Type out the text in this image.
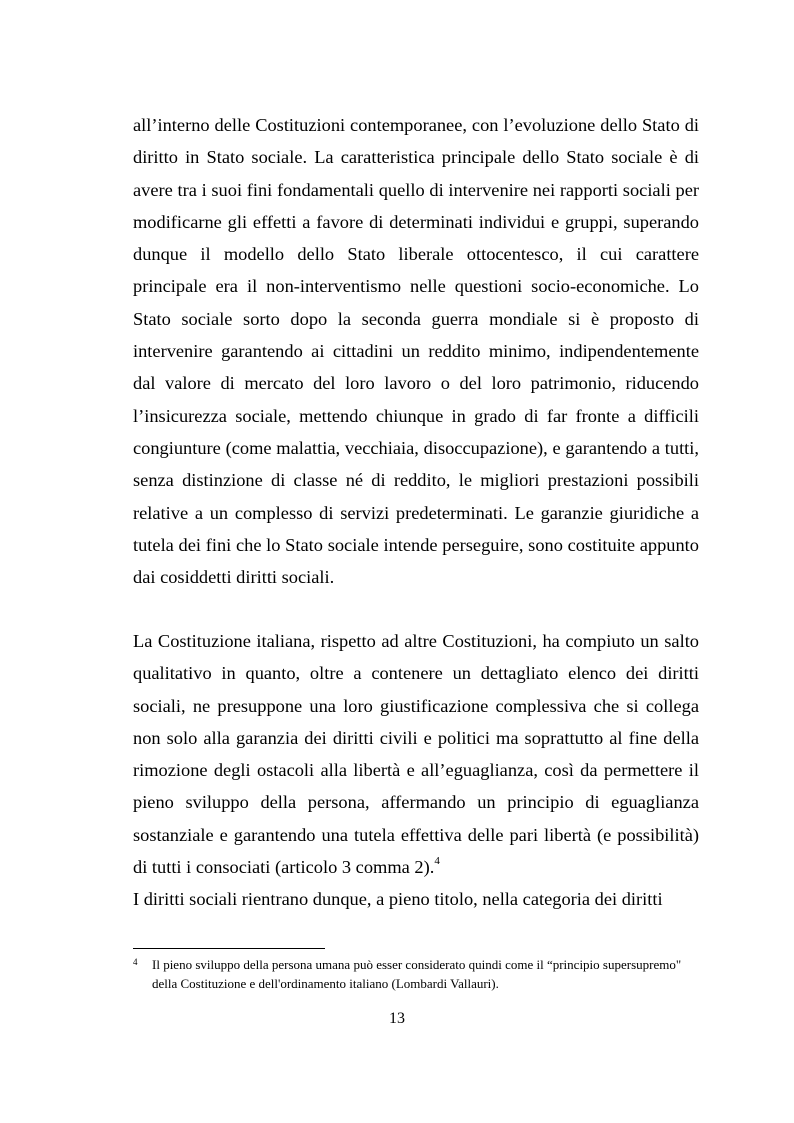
all’interno delle Costituzioni contemporanee, con l’evoluzione dello Stato di diritto in Stato sociale. La caratteristica principale dello Stato sociale è di avere tra i suoi fini fondamentali quello di intervenire nei rapporti sociali per modificarne gli effetti a favore di determinati individui e gruppi, superando dunque il modello dello Stato liberale ottocentesco, il cui carattere principale era il non-interventismo nelle questioni socio-economiche. Lo Stato sociale sorto dopo la seconda guerra mondiale si è proposto di intervenire garantendo ai cittadini un reddito minimo, indipendentemente dal valore di mercato del loro lavoro o del loro patrimonio, riducendo l’insicurezza sociale, mettendo chiunque in grado di far fronte a difficili congiunture (come malattia, vecchiaia, disoccupazione), e garantendo a tutti, senza distinzione di classe né di reddito, le migliori prestazioni possibili relative a un complesso di servizi predeterminati. Le garanzie giuridiche a tutela dei fini che lo Stato sociale intende perseguire, sono costituite appunto dai cosiddetti diritti sociali.

La Costituzione italiana, rispetto ad altre Costituzioni, ha compiuto un salto qualitativo in quanto, oltre a contenere un dettagliato elenco dei diritti sociali, ne presuppone una loro giustificazione complessiva che si collega non solo alla garanzia dei diritti civili e politici ma soprattutto al fine della rimozione degli ostacoli alla libertà e all’eguaglianza, così da permettere il pieno sviluppo della persona, affermando un principio di eguaglianza sostanziale e garantendo una tutela effettiva delle pari libertà (e possibilità) di tutti i consociati (articolo 3 comma 2).$^4$

I diritti sociali rientrano dunque, a pieno titolo, nella categoria dei diritti

4 Il pieno sviluppo della persona umana può esser considerato quindi come il “principio supersupremo" della Costituzione e dell'ordinamento italiano (Lombardi Vallauri).
13
